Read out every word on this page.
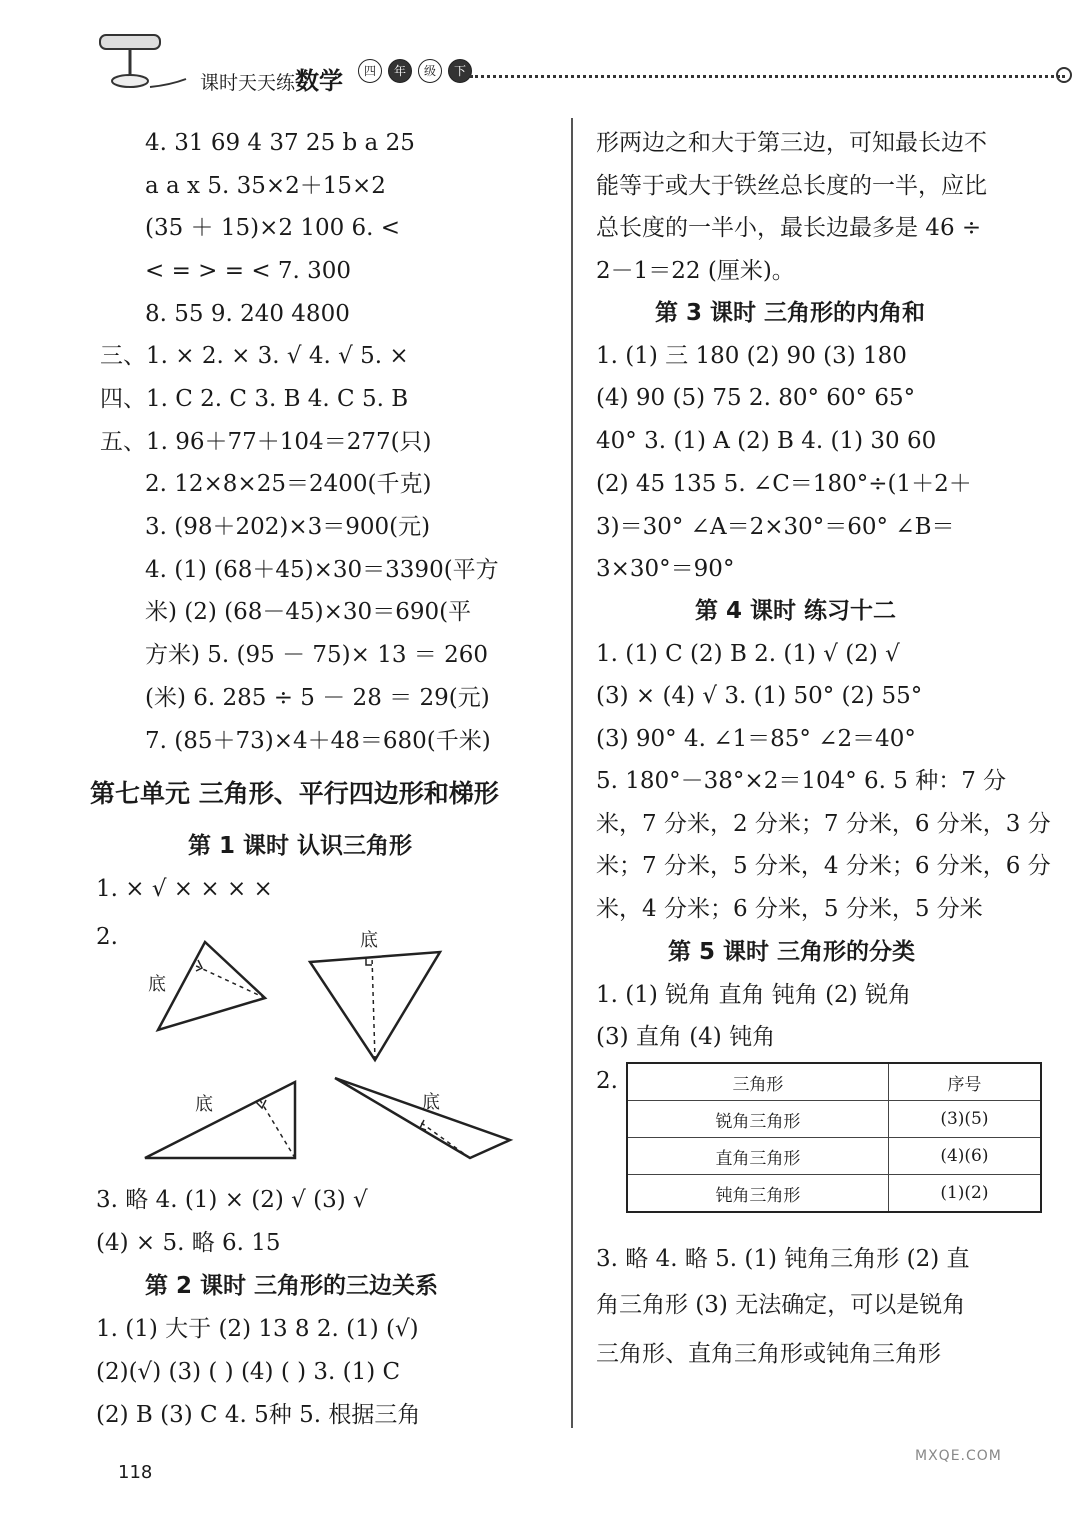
课时天天练数学	四	年	级	下
4. 31 69 4 37 25 b a 25
a a x 5. 35×2＋15×2
(35 ＋ 15)×2 100 6. <
< = > = < 7. 300
8. 55 9. 240 4800
三、1. × 2. × 3. √ 4. √ 5. ×
四、1. C 2. C 3. B 4. C 5. B
五、1. 96＋77＋104＝277(只)
2. 12×8×25＝2400(千克)
3. (98＋202)×3＝900(元)
4. (1) (68＋45)×30＝3390(平方
米) (2) (68－45)×30＝690(平
方米) 5. (95 － 75)× 13 ＝ 260
(米) 6. 285 ÷ 5 － 28 ＝ 29(元)
7. (85＋73)×4＋48＝680(千米)
第七单元 三角形、平行四边形和梯形
第 1 课时 认识三角形
1. × √ × × × ×
2.
底
底
底	底
3. 略 4. (1) × (2) √ (3) √
(4) × 5. 略 6. 15
第 2 课时 三角形的三边关系
1. (1) 大于 (2) 13 8 2. (1) (√)
(2)(√) (3) ( ) (4) ( ) 3. (1) C
(2) B (3) C 4. 5种 5. 根据三角
形两边之和大于第三边，可知最长边不
能等于或大于铁丝总长度的一半，应比
总长度的一半小，最长边最多是 46 ÷
2－1＝22 (厘米)。
第 3 课时 三角形的内角和
1. (1) 三 180 (2) 90 (3) 180
(4) 90 (5) 75 2. 80° 60° 65°
40° 3. (1) A (2) B 4. (1) 30 60
(2) 45 135 5. ∠C＝180°÷(1＋2＋
3)＝30° ∠A＝2×30°＝60° ∠B＝
3×30°＝90°
第 4 课时 练习十二
1. (1) C (2) B 2. (1) √ (2) √
(3) × (4) √ 3. (1) 50° (2) 55°
(3) 90° 4. ∠1＝85° ∠2＝40°
5. 180°－38°×2＝104° 6. 5 种：7 分
米，7 分米，2 分米；7 分米，6 分米，3 分
米；7 分米，5 分米，4 分米；6 分米，6 分
米，4 分米；6 分米，5 分米，5 分米
第 5 课时 三角形的分类
1. (1) 锐角 直角 钝角 (2) 锐角
(3) 直角 (4) 钝角
2.	三角形	序号
锐角三角形	(3)(5)
直角三角形	(4)(6)
钝角三角形	(1)(2)
3. 略 4. 略 5. (1) 钝角三角形 (2) 直
角三角形 (3) 无法确定，可以是锐角
三角形、直角三角形或钝角三角形
118
MXQE.COM
